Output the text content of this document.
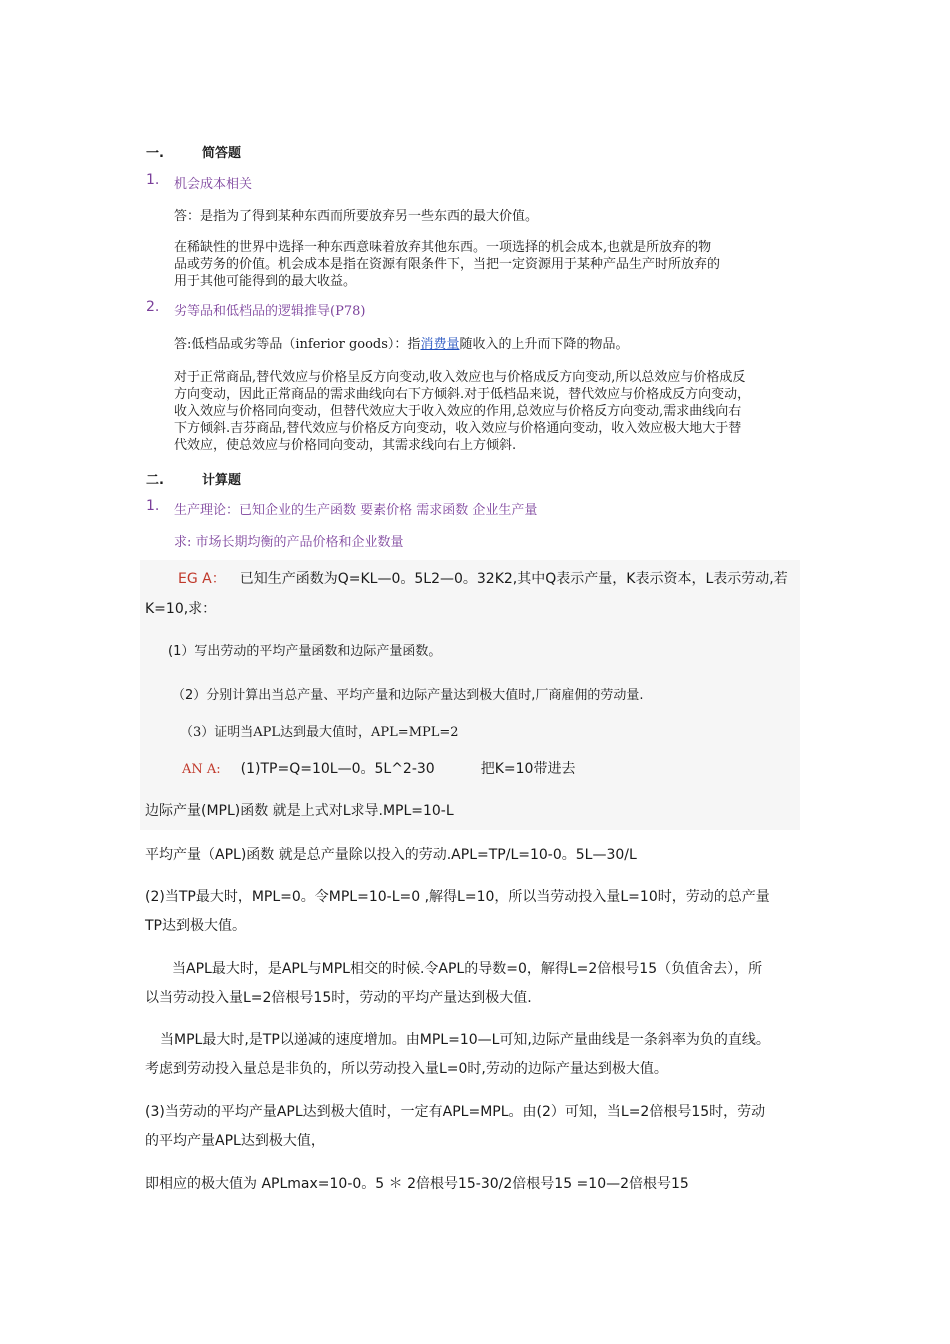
一.	简答题
1. 机会成本相关
答：是指为了得到某种东西而所要放弃另一些东西的最大价值。
在稀缺性的世界中选择一种东西意味着放弃其他东西。一项选择的机会成本,也就是所放弃的物
品或劳务的价值。机会成本是指在资源有限条件下，当把一定资源用于某种产品生产时所放弃的
用于其他可能得到的最大收益。
2. 劣等品和低档品的逻辑推导(P78)
答:低档品或劣等品（inferior goods）：指消费量随收入的上升而下降的物品。
对于正常商品,替代效应与价格呈反方向变动,收入效应也与价格成反方向变动,所以总效应与价格成反
方向变动，因此正常商品的需求曲线向右下方倾斜.对于低档品来说，替代效应与价格成反方向变动，
收入效应与价格同向变动，但替代效应大于收入效应的作用,总效应与价格反方向变动,需求曲线向右
下方倾斜.吉芬商品,替代效应与价格反方向变动，收入效应与价格通向变动，收入效应极大地大于替
代效应，使总效应与价格同向变动，其需求线向右上方倾斜.
二.	计算题
1. 生产理论：已知企业的生产函数 要素价格 需求函数 企业生产量
求: 市场长期均衡的产品价格和企业数量
EG A： 已知生产函数为Q=KL—0。5L2—0。32K2,其中Q表示产量，K表示资本，L表示劳动,若
K=10,求：
(1）写出劳动的平均产量函数和边际产量函数。
（2）分别计算出当总产量、平均产量和边际产量达到极大值时,厂商雇佣的劳动量.
（3）证明当APL达到最大值时，APL=MPL=2
AN A: (1)TP=Q=10L—0。5L^2-30	把K=10带进去
边际产量(MPL)函数 就是上式对L求导.MPL=10-L
平均产量（APL)函数 就是总产量除以投入的劳动.APL=TP/L=10-0。5L—30/L
(2)当TP最大时，MPL=0。令MPL=10-L=0 ,解得L=10，所以当劳动投入量L=10时，劳动的总产量
TP达到极大值。
当APL最大时，是APL与MPL相交的时候.令APL的导数=0，解得L=2倍根号15（负值舍去），所
以当劳动投入量L=2倍根号15时，劳动的平均产量达到极大值.
当MPL最大时,是TP以递减的速度增加。由MPL=10—L可知,边际产量曲线是一条斜率为负的直线。
考虑到劳动投入量总是非负的，所以劳动投入量L=0时,劳动的边际产量达到极大值。
(3)当劳动的平均产量APL达到极大值时，一定有APL=MPL。由(2）可知，当L=2倍根号15时，劳动
的平均产量APL达到极大值，
即相应的极大值为 APLmax=10-0。5 ＊ 2倍根号15-30/2倍根号15 =10—2倍根号15
